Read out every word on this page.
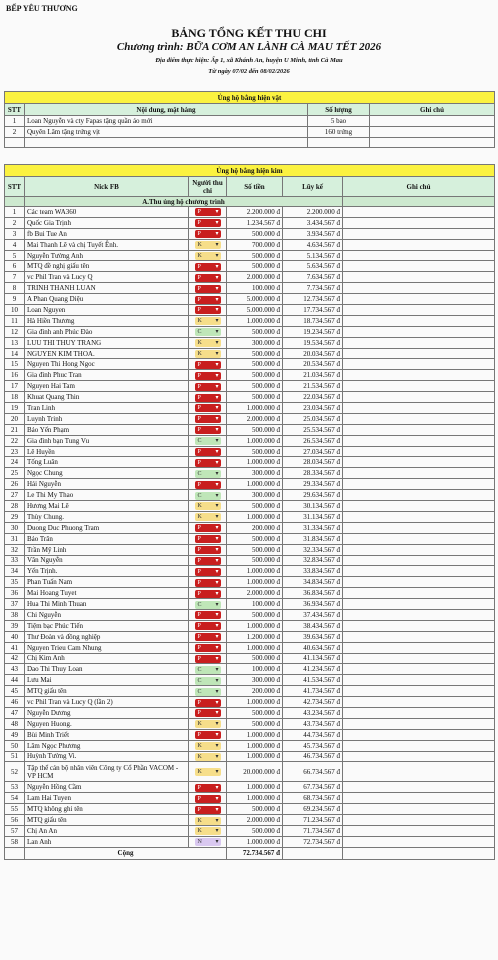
BẾP YÊU THƯƠNG
BẢNG TỔNG KẾT THU CHI
Chương trình: BỮA CƠM AN LÀNH CÀ MAU TẾT 2026
Địa điểm thực hiện: Ấp 1, xã Khánh An, huyện U Minh, tỉnh Cà Mau
Từ ngày 07/02 đến 08/02/2026
Ủng hộ bằng hiện vật			
STT	Nội dung, mặt hàng	Số lượng	Ghi chú
1	Loan Nguyễn và cty Fapas tặng quần áo mới	5 bao	
2	Quyên Lâm tặng trứng vịt	160 trứng	

Ủng hộ bằng hiện kim					
STT	Nick FB	Người thu chi	Số tiền	Lũy kế	Ghi chú
	A.Thu ủng hộ chương trình				
1	Các team WA360	P ▾	2.200.000 đ	2.200.000 đ	
2	Quốc Gia Trịnh	P ▾	1.234.567 đ	3.434.567 đ	
3	fb Bui Tue An	P ▾	500.000 đ	3.934.567 đ	
4	Mai Thanh Lê và chị Tuyết Ênh.	K ▾	700.000 đ	4.634.567 đ	
5	Nguyễn Tường Anh	K ▾	500.000 đ	5.134.567 đ	
6	MTQ đề nghị giấu tên	P ▾	500.000 đ	5.634.567 đ	
7	vc Phil Tran và Lucy Q	P ▾	2.000.000 đ	7.634.567 đ	
8	TRINH THANH LUAN	P ▾	100.000 đ	7.734.567 đ	
9	A Phan Quang Diệu	P ▾	5.000.000 đ	12.734.567 đ	
10	Loan Nguyen	P ▾	5.000.000 đ	17.734.567 đ	
11	Hà Hiền Thương	K ▾	1.000.000 đ	18.734.567 đ	
12	Gia đình anh Phúc Đào	C ▾	500.000 đ	19.234.567 đ	
13	LUU THI THUY TRANG	K ▾	300.000 đ	19.534.567 đ	
14	NGUYEN KIM THOA.	K ▾	500.000 đ	20.034.567 đ	
15	Nguyen Thi Hong Ngoc	P ▾	500.000 đ	20.534.567 đ	
16	Gia đình Phuc Tran	P ▾	500.000 đ	21.034.567 đ	
17	Nguyen Hai Tam	P ▾	500.000 đ	21.534.567 đ	
18	Khuat Quang Thin	P ▾	500.000 đ	22.034.567 đ	
19	Tran Linh	P ▾	1.000.000 đ	23.034.567 đ	
20	Luynh Trinh	P ▾	2.000.000 đ	25.034.567 đ	
21	Bảo Yến Phạm	P ▾	500.000 đ	25.534.567 đ	
22	Gia đình bạn Tung Vu	C ▾	1.000.000 đ	26.534.567 đ	
23	Lê Huyền	P ▾	500.000 đ	27.034.567 đ	
24	Tống Luân	P ▾	1.000.000 đ	28.034.567 đ	
25	Ngọc Chung	C ▾	300.000 đ	28.334.567 đ	
26	Hải Nguyễn	P ▾	1.000.000 đ	29.334.567 đ	
27	Le Thi My Thao	C ▾	300.000 đ	29.634.567 đ	
28	Hương Mai Lê	K ▾	500.000 đ	30.134.567 đ	
29	Thùy Chung.	K ▾	1.000.000 đ	31.134.567 đ	
30	Duong Duc Phuong Tram	P ▾	200.000 đ	31.334.567 đ	
31	Bảo Trân	P ▾	500.000 đ	31.834.567 đ	
32	Trần Mỹ Linh	P ▾	500.000 đ	32.334.567 đ	
33	Vân Nguyễn	P ▾	500.000 đ	32.834.567 đ	
34	Yến Trịnh.	P ▾	1.000.000 đ	33.834.567 đ	
35	Phan Tuấn Nam	P ▾	1.000.000 đ	34.834.567 đ	
36	Mai Hoang Tuyet	P ▾	2.000.000 đ	36.834.567 đ	
37	Hua Thi Minh Thuan	C ▾	100.000 đ	36.934.567 đ	
38	Chi Nguyễn	P ▾	500.000 đ	37.434.567 đ	
39	Tiệm bạc Phúc Tiến	P ▾	1.000.000 đ	38.434.567 đ	
40	Thư Đoàn và đồng nghiệp	P ▾	1.200.000 đ	39.634.567 đ	
41	Nguyen Trieu Cam Nhung	P ▾	1.000.000 đ	40.634.567 đ	
42	Chị Kim Anh	P ▾	500.000 đ	41.134.567 đ	
43	Dao Thi Thuy Loan	C ▾	100.000 đ	41.234.567 đ	
44	Lưu Mai	C ▾	300.000 đ	41.534.567 đ	
45	MTQ giấu tên	C ▾	200.000 đ	41.734.567 đ	
46	vc Phil Tran và Lucy Q (lần 2)	P ▾	1.000.000 đ	42.734.567 đ	
47	Nguyễn Dương	P ▾	500.000 đ	43.234.567 đ	
48	Nguyen Huong.	K ▾	500.000 đ	43.734.567 đ	
49	Bùi Minh Triết	P ▾	1.000.000 đ	44.734.567 đ	
50	Lâm Ngọc Phương	K ▾	1.000.000 đ	45.734.567 đ	
51	Huỳnh Tường Vi.	K ▾	1.000.000 đ	46.734.567 đ	
52	Tập thể cán bộ nhân viên Công ty Cổ Phần VACOM - VP HCM	K ▾	20.000.000 đ	66.734.567 đ	
53	Nguyễn Hồng Cầm	P ▾	1.000.000 đ	67.734.567 đ	
54	Lam Hai Tuyen	P ▾	1.000.000 đ	68.734.567 đ	
55	MTQ không ghi tên	P ▾	500.000 đ	69.234.567 đ	
56	MTQ giấu tên	K ▾	2.000.000 đ	71.234.567 đ	
57	Chị An An	K ▾	500.000 đ	71.734.567 đ	
58	Lan Anh	N ▾	1.000.000 đ	72.734.567 đ	
	Cộng		72.734.567 đ		
